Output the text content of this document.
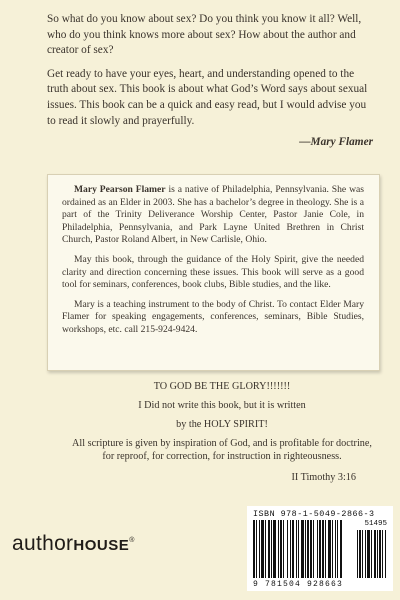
So what do you know about sex? Do you think you know it all? Well, who do you think knows more about sex? How about the author and creator of sex?

Get ready to have your eyes, heart, and understanding opened to the truth about sex. This book is about what God’s Word says about sexual issues. This book can be a quick and easy read, but I would advise you to read it slowly and prayerfully.

—Mary Flamer

Mary Pearson Flamer is a native of Philadelphia, Pennsylvania. She was ordained as an Elder in 2003. She has a bachelor’s degree in theology. She is a part of the Trinity Deliverance Worship Center, Pastor Janie Cole, in Philadelphia, Pennsylvania, and Park Layne United Brethren in Christ Church, Pastor Roland Albert, in New Carlisle, Ohio.

May this book, through the guidance of the Holy Spirit, give the needed clarity and direction concerning these issues. This book will serve as a good tool for seminars, conferences, book clubs, Bible studies, and the like.

Mary is a teaching instrument to the body of Christ. To contact Elder Mary Flamer for speaking engagements, conferences, seminars, Bible Studies, workshops, etc. call 215-924-9424.

TO GOD BE THE GLORY!!!!!!!

I Did not write this book, but it is written

by the HOLY SPIRIT!

All scripture is given by inspiration of God, and is profitable for doctrine, for reproof, for correction, for instruction in righteousness.

II Timothy 3:16
authorHOUSE®
ISBN 978-1-5049-2866-3
51495
9 781504 928663
